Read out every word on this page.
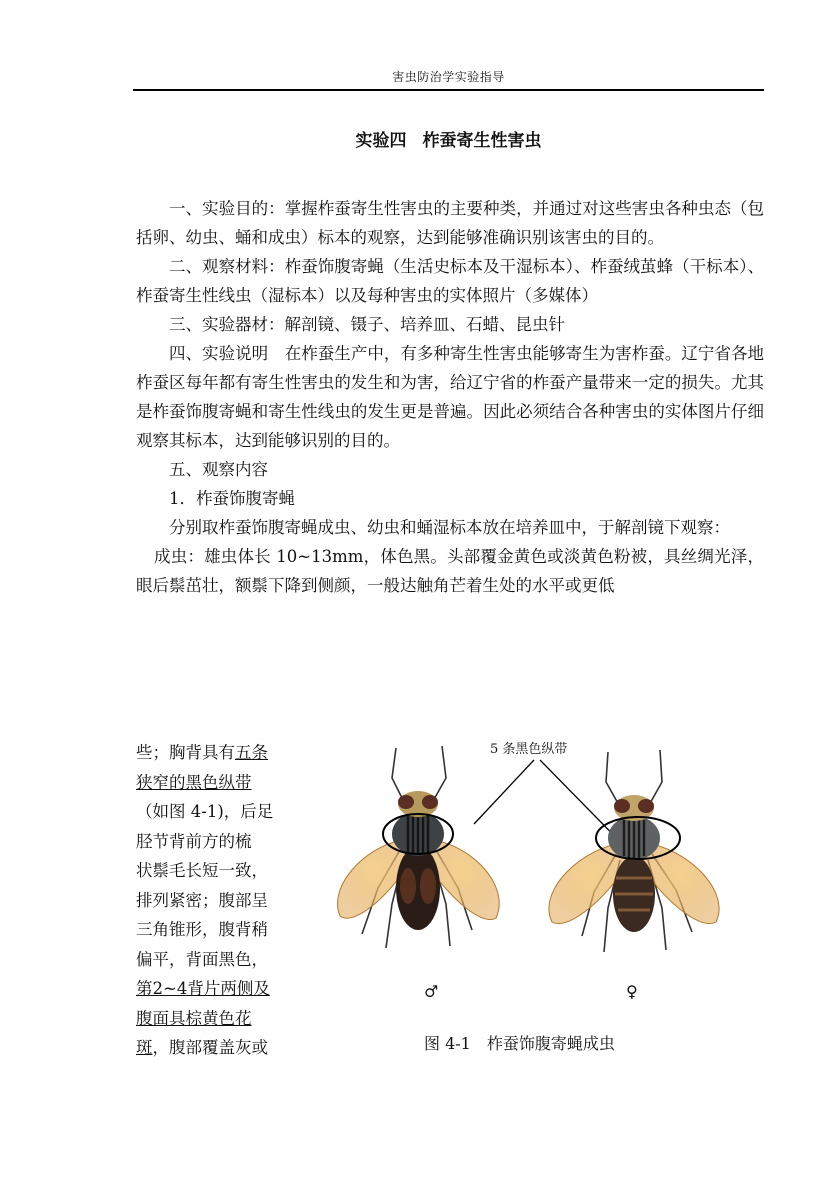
害虫防治学实验指导
实验四 柞蚕寄生性害虫

一、实验目的：掌握柞蚕寄生性害虫的主要种类，并通过对这些害虫各种虫态（包括卵、幼虫、蛹和成虫）标本的观察，达到能够准确识别该害虫的目的。

二、观察材料：柞蚕饰腹寄蝇（生活史标本及干湿标本）、柞蚕绒茧蜂（干标本）、柞蚕寄生性线虫（湿标本）以及每种害虫的实体照片（多媒体）

三、实验器材：解剖镜、镊子、培养皿、石蜡、昆虫针

四、实验说明　在柞蚕生产中，有多种寄生性害虫能够寄生为害柞蚕。辽宁省各地柞蚕区每年都有寄生性害虫的发生和为害，给辽宁省的柞蚕产量带来一定的损失。尤其是柞蚕饰腹寄蝇和寄生性线虫的发生更是普遍。因此必须结合各种害虫的实体图片仔细观察其标本，达到能够识别的目的。

五、观察内容

1．柞蚕饰腹寄蝇

分别取柞蚕饰腹寄蝇成虫、幼虫和蛹湿标本放在培养皿中，于解剖镜下观察：

成虫：雄虫体长 10~13mm，体色黑。头部覆金黄色或淡黄色粉被，具丝绸光泽，眼后鬃茁壮，额鬃下降到侧颜，一般达触角芒着生处的水平或更低

些；胸背具有五条
狭窄的黑色纵带
（如图 4-1)，后足
胫节背前方的梳
状鬃毛长短一致，
排列紧密；腹部呈
三角锥形，腹背稍
偏平，背面黑色，
第2~4背片两侧及
腹面具棕黄色花
斑，腹部覆盖灰或
5 条黑色纵带
♂	♀
图 4-1　柞蚕饰腹寄蝇成虫
